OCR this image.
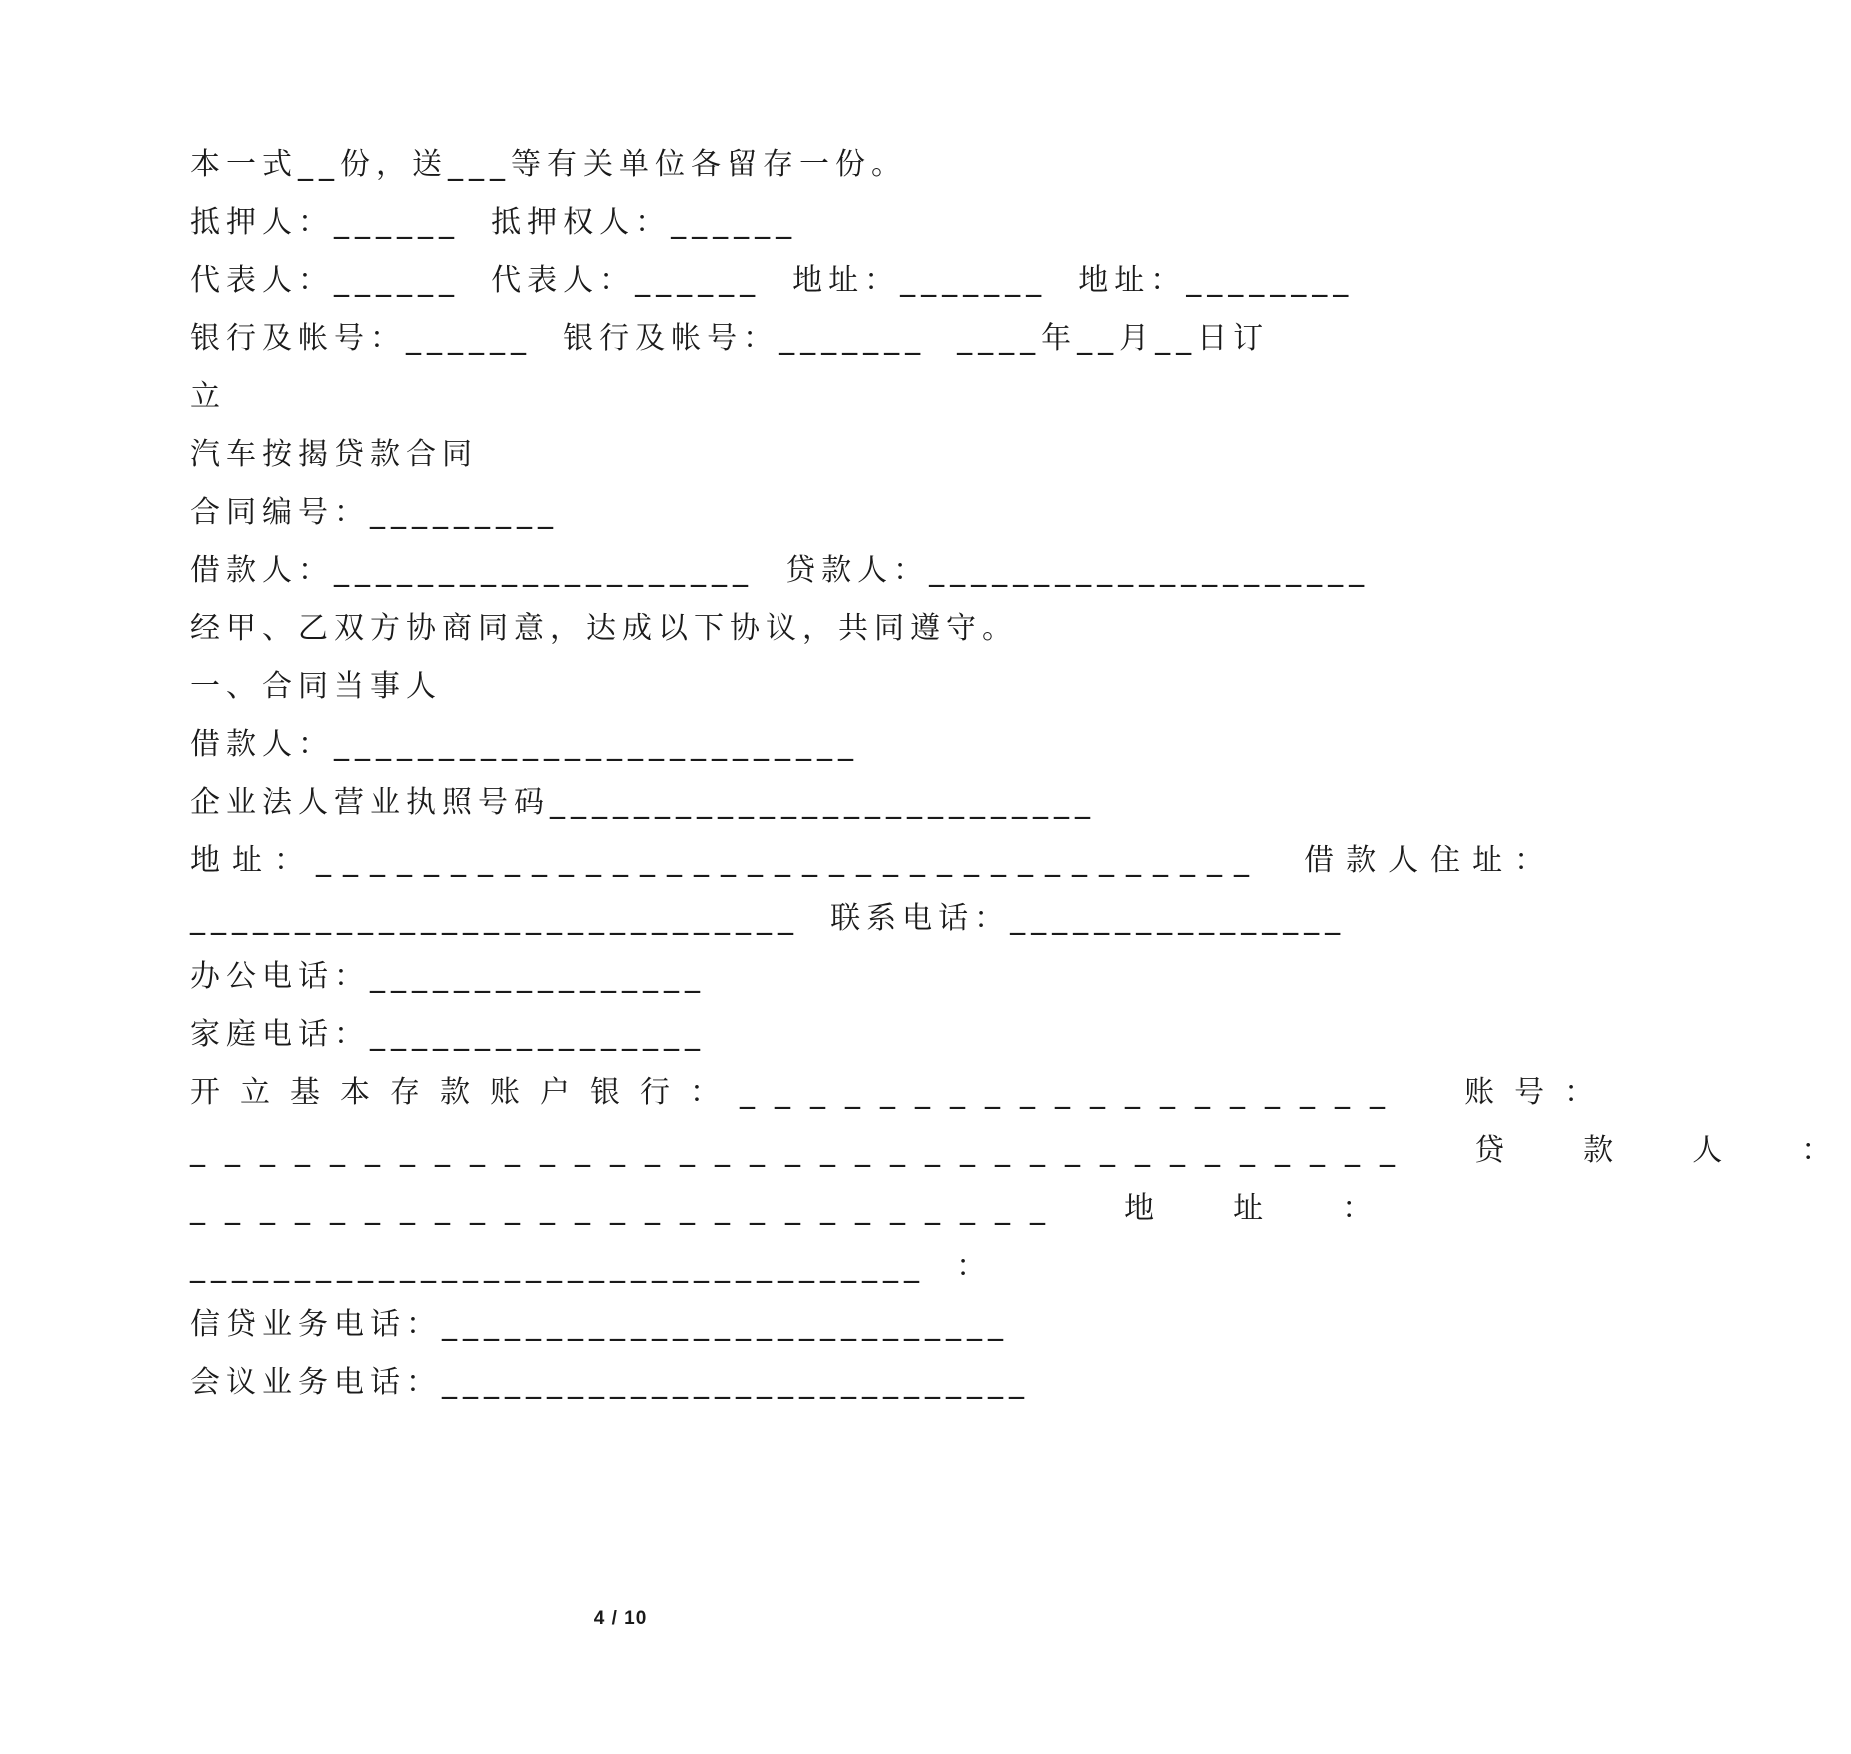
本一式__份，送___等有关单位各留存一份。
抵押人：______  抵押权人：______
代表人：______  代表人：______  地址：_______  地址：________
银行及帐号：______  银行及帐号：_______  ____年__月__日订
立
汽车按揭贷款合同
合同编号：_________
借款人：____________________  贷款人：_____________________
经甲、乙双方协商同意，达成以下协议，共同遵守。
一、合同当事人
借款人：_________________________
企业法人营业执照号码__________________________
地址：___________________________________  借款人住址：
_____________________________  联系电话：________________
办公电话：________________
家庭电话：________________
开立基本存款账户银行：___________________  账号：
___________________________________  贷  款  人  ：
_________________________  地  址  ：
___________________________________  ：
信贷业务电话：___________________________
会议业务电话：____________________________
4 / 10
